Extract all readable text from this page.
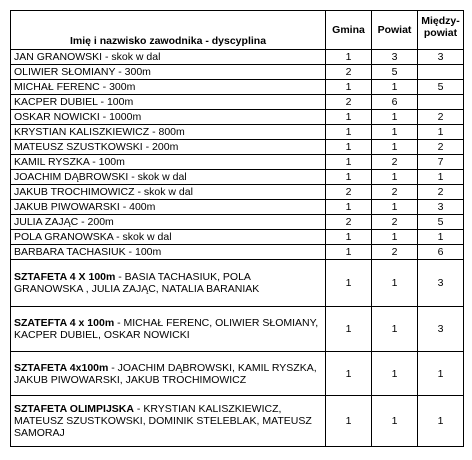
Imię i nazwisko zawodnika - dyscyplina	Gmina	Powiat	Między-
powiat
JAN GRANOWSKI - skok w dal	1	3	3
OLIWIER SŁOMIANY - 300m	2	5	
MICHAŁ FERENC - 300m	1	1	5
KACPER DUBIEL - 100m	2	6	
OSKAR NOWICKI - 1000m	1	1	2
KRYSTIAN KALISZKIEWICZ - 800m	1	1	1
MATEUSZ SZUSTKOWSKI - 200m	1	1	2
KAMIL RYSZKA - 100m	1	2	7
JOACHIM DĄBROWSKI - skok w dal	1	1	1
JAKUB TROCHIMOWICZ - skok w dal	2	2	2
JAKUB PIWOWARSKI - 400m	1	1	3
JULIA ZAJĄC - 200m	2	2	5
POLA GRANOWSKA - skok w dal	1	1	1
BARBARA TACHASIUK - 100m	1	2	6
SZTAFETA 4 X 100m - BASIA TACHASIUK, POLA GRANOWSKA , JULIA ZAJĄC, NATALIA BARANIAK	1	1	3
SZATEFTA 4 x 100m - MICHAŁ FERENC, OLIWIER SŁOMIANY, KACPER DUBIEL, OSKAR NOWICKI	1	1	3
SZTAFETA 4x100m - JOACHIM DĄBROWSKI, KAMIL RYSZKA, JAKUB PIWOWARSKI, JAKUB TROCHIMOWICZ	1	1	1
SZTAFETA OLIMPIJSKA - KRYSTIAN KALISZKIEWICZ, MATEUSZ SZUSTKOWSKI, DOMINIK STELEBLAK, MATEUSZ SAMORAJ	1	1	1
